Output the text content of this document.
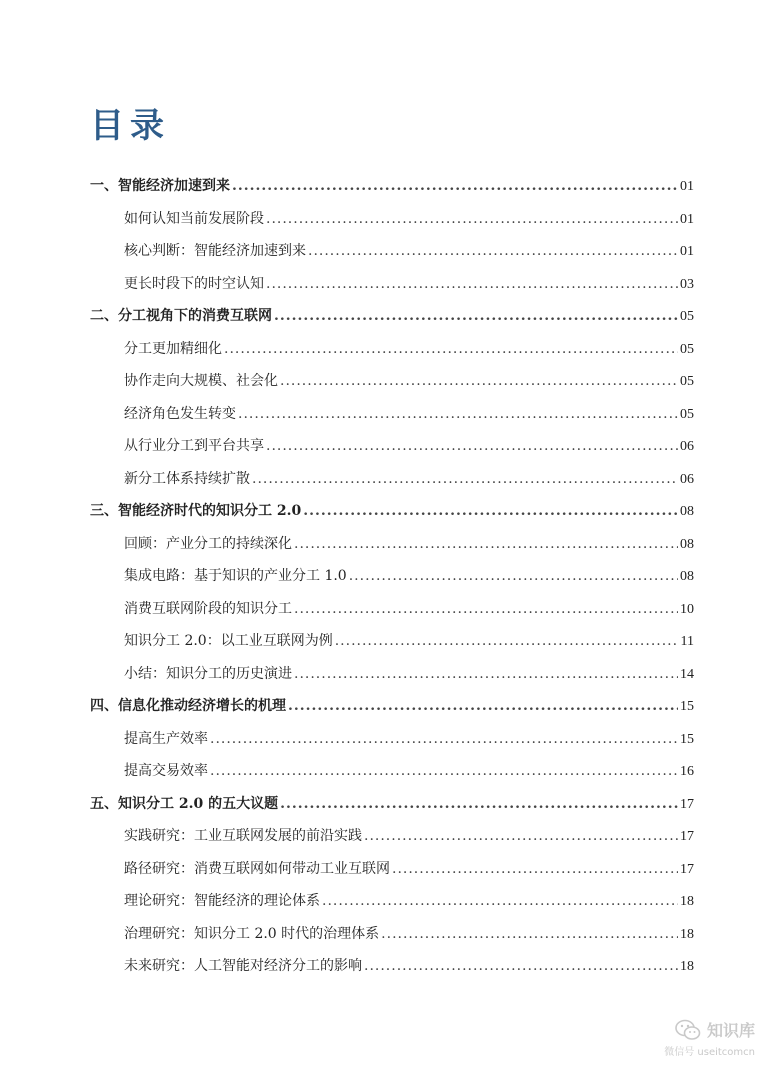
目录
一、智能经济加速到来 .....	01
如何认知当前发展阶段 .....	01
核心判断：智能经济加速到来 .....	01
更长时段下的时空认知 .....	03
二、分工视角下的消费互联网 .....	05
分工更加精细化 .....	05
协作走向大规模、社会化 .....	05
经济角色发生转变 .....	05
从行业分工到平台共享 .....	06
新分工体系持续扩散 .....	06
三、智能经济时代的知识分工 2.0 .....	08
回顾：产业分工的持续深化 .....	08
集成电路：基于知识的产业分工 1.0 .....	08
消费互联网阶段的知识分工 .....	10
知识分工 2.0：以工业互联网为例 .....	11
小结：知识分工的历史演进 .....	14
四、信息化推动经济增长的机理 .....	15
提高生产效率 .....	15
提高交易效率 .....	16
五、知识分工 2.0 的五大议题 .....	17
实践研究：工业互联网发展的前沿实践 .....	17
路径研究：消费互联网如何带动工业互联网 .....	17
理论研究：智能经济的理论体系 .....	18
治理研究：知识分工 2.0 时代的治理体系 .....	18
未来研究：人工智能对经济分工的影响 .....	18
知识库
微信号 useitcomcn
